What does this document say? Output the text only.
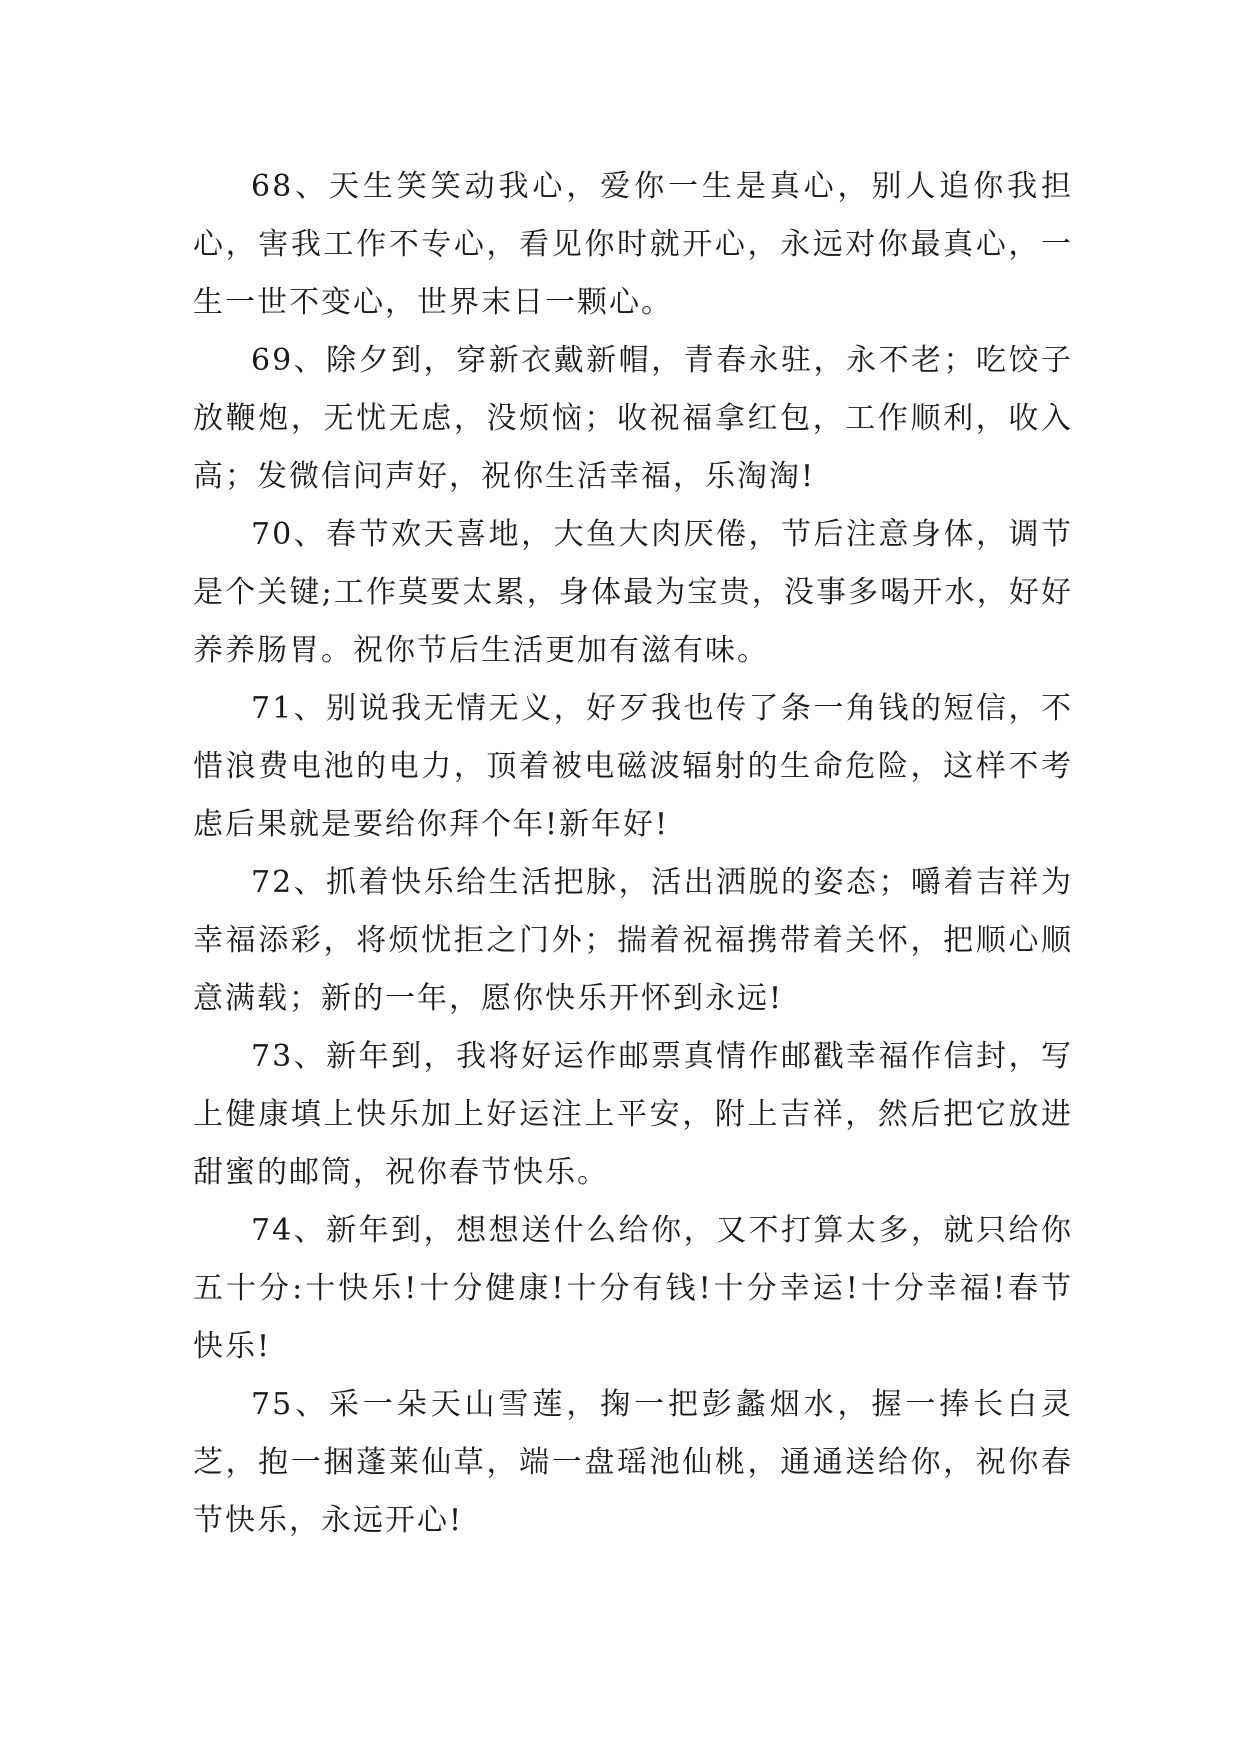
68、天生笑笑动我心，爱你一生是真心，别人追你我担心，害我工作不专心，看见你时就开心，永远对你最真心，一生一世不变心，世界末日一颗心。

69、除夕到，穿新衣戴新帽，青春永驻，永不老；吃饺子放鞭炮，无忧无虑，没烦恼；收祝福拿红包，工作顺利，收入高；发微信问声好，祝你生活幸福，乐淘淘!

70、春节欢天喜地，大鱼大肉厌倦，节后注意身体，调节是个关键;工作莫要太累，身体最为宝贵，没事多喝开水，好好养养肠胃。祝你节后生活更加有滋有味。

71、别说我无情无义，好歹我也传了条一角钱的短信，不惜浪费电池的电力，顶着被电磁波辐射的生命危险，这样不考虑后果就是要给你拜个年!新年好!

72、抓着快乐给生活把脉，活出洒脱的姿态；嚼着吉祥为幸福添彩，将烦忧拒之门外；揣着祝福携带着关怀，把顺心顺意满载；新的一年，愿你快乐开怀到永远!

73、新年到，我将好运作邮票真情作邮戳幸福作信封，写上健康填上快乐加上好运注上平安，附上吉祥，然后把它放进甜蜜的邮筒，祝你春节快乐。

74、新年到，想想送什么给你，又不打算太多，就只给你五十分:十快乐!十分健康!十分有钱!十分幸运!十分幸福!春节快乐!

75、采一朵天山雪莲，掬一把彭蠡烟水，握一捧长白灵芝，抱一捆蓬莱仙草，端一盘瑶池仙桃，通通送给你，祝你春节快乐，永远开心!
